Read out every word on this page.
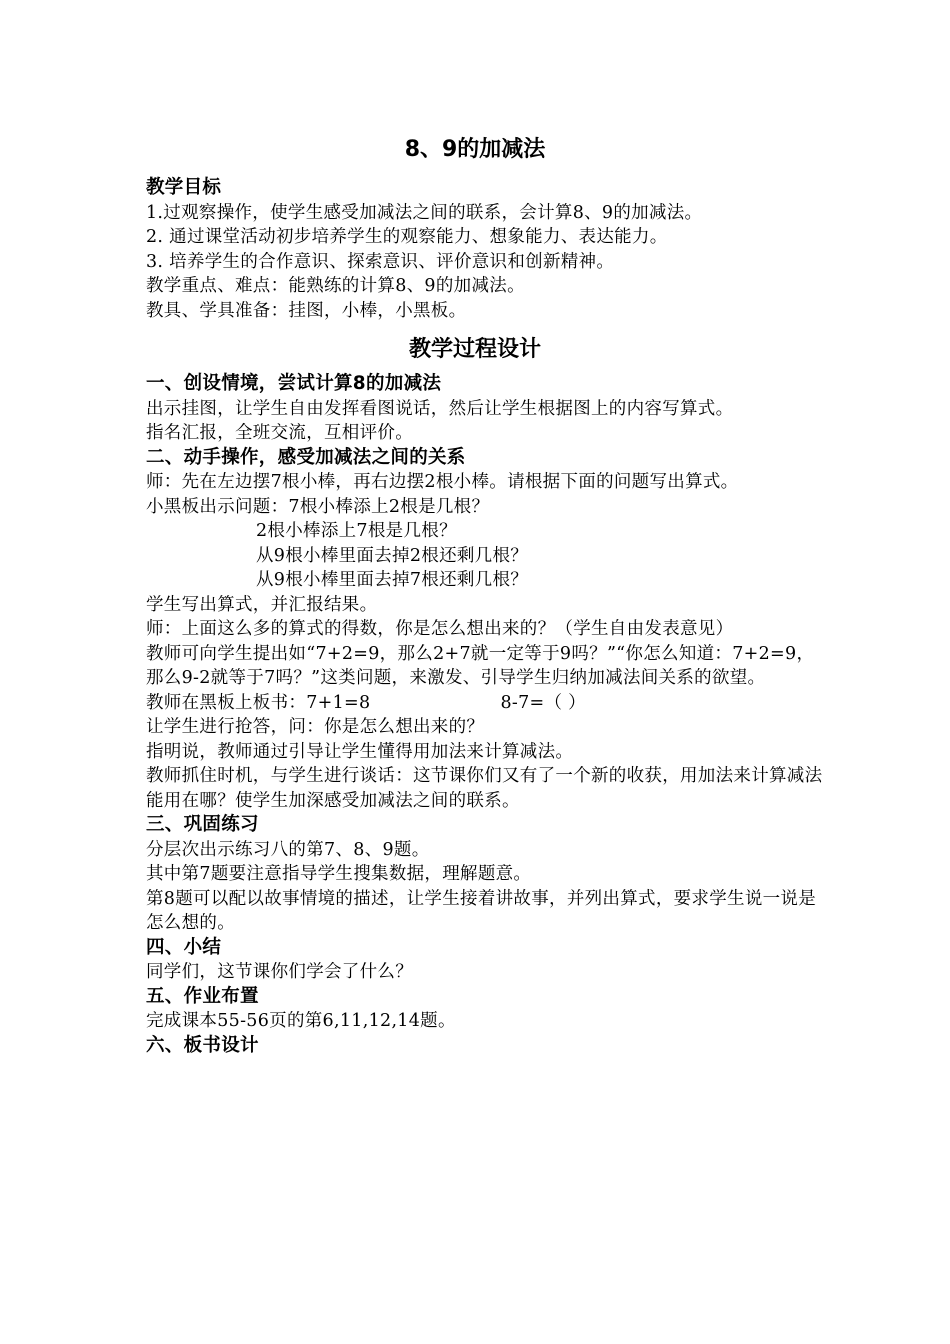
8、9的加减法

教学目标

1.过观察操作，使学生感受加减法之间的联系，会计算8、9的加减法。

2. 通过课堂活动初步培养学生的观察能力、想象能力、表达能力。

3. 培养学生的合作意识、探索意识、评价意识和创新精神。

教学重点、难点：能熟练的计算8、9的加减法。

教具、学具准备：挂图，小棒，小黑板。

教学过程设计

一、创设情境，尝试计算8的加减法

出示挂图，让学生自由发挥看图说话，然后让学生根据图上的内容写算式。

指名汇报，全班交流，互相评价。

二、动手操作，感受加减法之间的关系

师：先在左边摆7根小棒，再右边摆2根小棒。请根据下面的问题写出算式。

小黑板出示问题：7根小棒添上2根是几根？

2根小棒添上7根是几根？

从9根小棒里面去掉2根还剩几根？

从9根小棒里面去掉7根还剩几根？

学生写出算式，并汇报结果。

师：上面这么多的算式的得数，你是怎么想出来的？（学生自由发表意见）

教师可向学生提出如“7+2=9，那么2+7就一定等于9吗？”“你怎么知道：7+2=9，那么9-2就等于7吗？”这类问题，来激发、引导学生归纳加减法间关系的欲望。

教师在黑板上板书：7+1=8	8-7=（ ）

让学生进行抢答，问：你是怎么想出来的？

指明说，教师通过引导让学生懂得用加法来计算减法。

教师抓住时机，与学生进行谈话：这节课你们又有了一个新的收获，用加法来计算减法能用在哪？使学生加深感受加减法之间的联系。

三、巩固练习

分层次出示练习八的第7、8、9题。

其中第7题要注意指导学生搜集数据，理解题意。

第8题可以配以故事情境的描述，让学生接着讲故事，并列出算式，要求学生说一说是怎么想的。

四、小结

同学们，这节课你们学会了什么？

五、作业布置

完成课本55-56页的第6,11,12,14题。

六、板书设计
